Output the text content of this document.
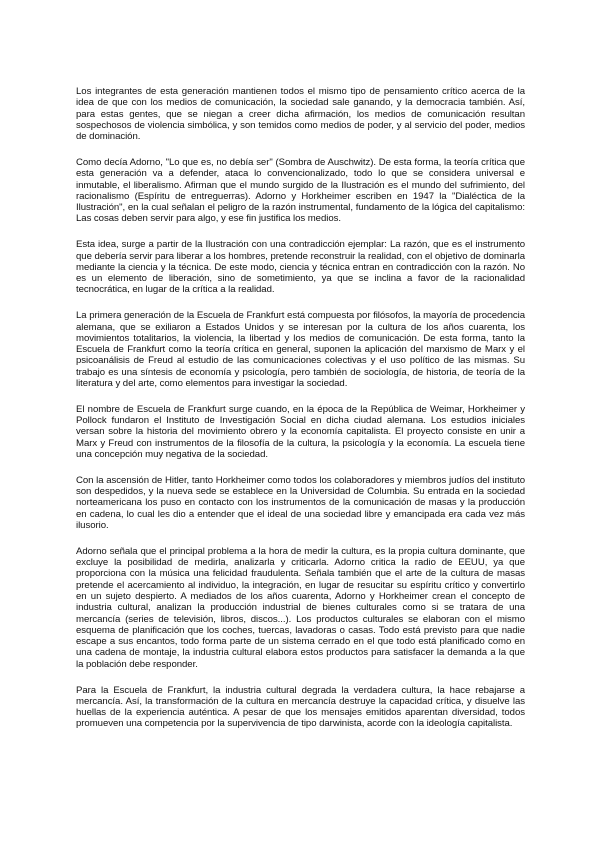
Los integrantes de esta generación mantienen todos el mismo tipo de pensamiento crítico acerca de la idea de que con los medios de comunicación, la sociedad sale ganando, y la democracia también. Así, para estas gentes, que se niegan a creer dicha afirmación, los medios de comunicación resultan sospechosos de violencia simbólica, y son temidos como medios de poder, y al servicio del poder, medios de dominación.

Como decía Adorno, "Lo que es, no debía ser" (Sombra de Auschwitz). De esta forma, la teoría crítica que esta generación va a defender, ataca lo convencionalizado, todo lo que se considera universal e inmutable, el liberalismo. Afirman que el mundo surgido de la Ilustración es el mundo del sufrimiento, del racionalismo (Espíritu de entreguerras). Adorno y Horkheimer escriben en 1947 la "Dialéctica de la Ilustración", en la cual señalan el peligro de la razón instrumental, fundamento de la lógica del capitalismo: Las cosas deben servir para algo, y ese fin justifica los medios.

Esta idea, surge a partir de la Ilustración con una contradicción ejemplar: La razón, que es el instrumento que debería servir para liberar a los hombres, pretende reconstruir la realidad, con el objetivo de dominarla mediante la ciencia y la técnica. De este modo, ciencia y técnica entran en contradicción con la razón. No es un elemento de liberación, sino de sometimiento, ya que se inclina a favor de la racionalidad tecnocrática, en lugar de la crítica a la realidad.

La primera generación de la Escuela de Frankfurt está compuesta por filósofos, la mayoría de procedencia alemana, que se exiliaron a Estados Unidos y se interesan por la cultura de los años cuarenta, los movimientos totalitarios, la violencia, la libertad y los medios de comunicación. De esta forma, tanto la Escuela de Frankfurt como la teoría crítica en general, suponen la aplicación del marxismo de Marx y el psicoanálisis de Freud al estudio de las comunicaciones colectivas y el uso político de las mismas. Su trabajo es una síntesis de economía y psicología, pero también de sociología, de historia, de teoría de la literatura y del arte, como elementos para investigar la sociedad.

El nombre de Escuela de Frankfurt surge cuando, en la época de la República de Weimar, Horkheimer y Pollock fundaron el Instituto de Investigación Social en dicha ciudad alemana. Los estudios iniciales versan sobre la historia del movimiento obrero y la economía capitalista. El proyecto consiste en unir a Marx y Freud con instrumentos de la filosofía de la cultura, la psicología y la economía. La escuela tiene una concepción muy negativa de la sociedad.

Con la ascensión de Hitler, tanto Horkheimer como todos los colaboradores y miembros judíos del instituto son despedidos, y la nueva sede se establece en la Universidad de Columbia. Su entrada en la sociedad norteamericana los puso en contacto con los instrumentos de la comunicación de masas y la producción en cadena, lo cual les dio a entender que el ideal de una sociedad libre y emancipada era cada vez más ilusorio.

Adorno señala que el principal problema a la hora de medir la cultura, es la propia cultura dominante, que excluye la posibilidad de medirla, analizarla y criticarla. Adorno critica la radio de EEUU, ya que proporciona con la música una felicidad fraudulenta. Señala también que el arte de la cultura de masas pretende el acercamiento al individuo, la integración, en lugar de resucitar su espíritu crítico y convertirlo en un sujeto despierto. A mediados de los años cuarenta, Adorno y Horkheimer crean el concepto de industria cultural, analizan la producción industrial de bienes culturales como si se tratara de una mercancía (series de televisión, libros, discos...). Los productos culturales se elaboran con el mismo esquema de planificación que los coches, tuercas, lavadoras o casas. Todo está previsto para que nadie escape a sus encantos, todo forma parte de un sistema cerrado en el que todo está planificado como en una cadena de montaje, la industria cultural elabora estos productos para satisfacer la demanda a la que la población debe responder.

Para la Escuela de Frankfurt, la industria cultural degrada la verdadera cultura, la hace rebajarse a mercancía. Así, la transformación de la cultura en mercancía destruye la capacidad crítica, y disuelve las huellas de la experiencia auténtica. A pesar de que los mensajes emitidos aparentan diversidad, todos promueven una competencia por la supervivencia de tipo darwinista, acorde con la ideología capitalista.
